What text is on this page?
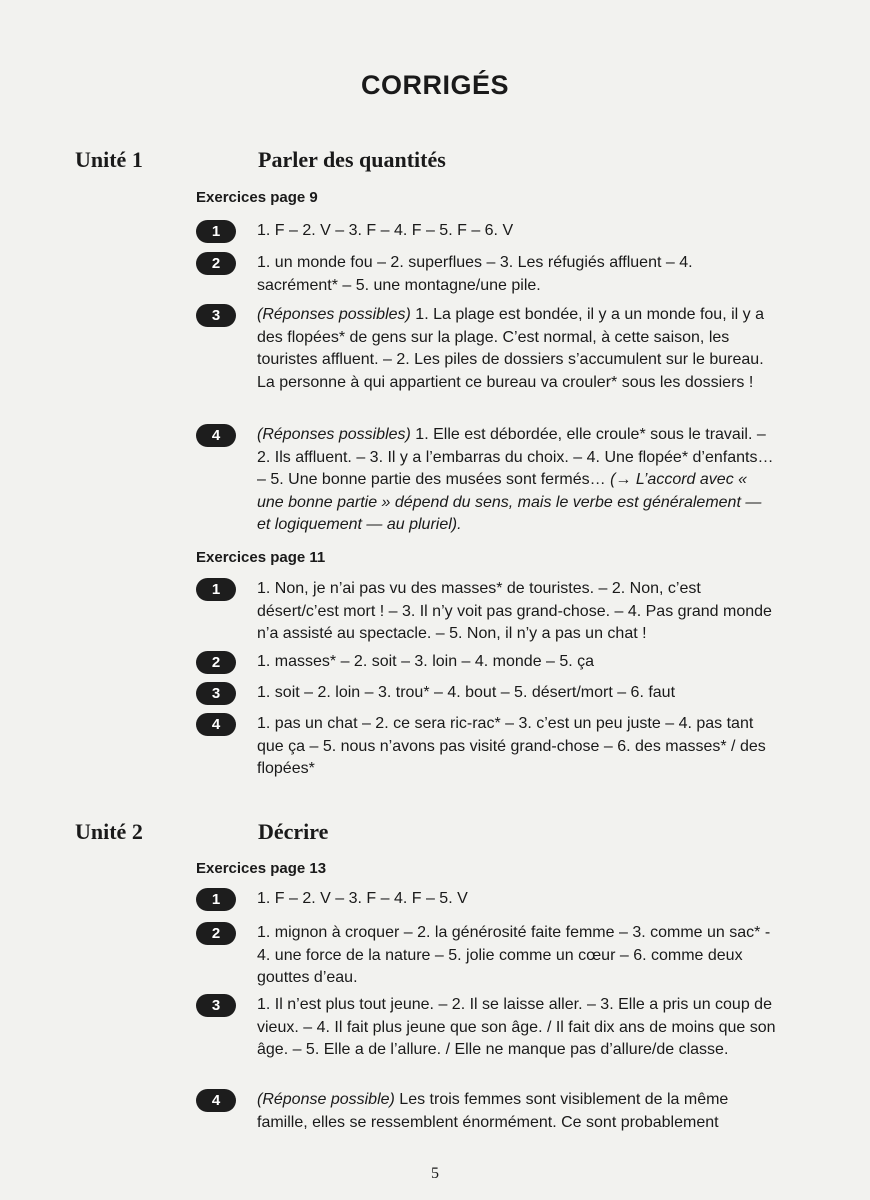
CORRIGÉS
Unité 1	Parler des quantités
Exercices page 9
1	1. F – 2. V – 3. F – 4. F – 5. F – 6. V
2	1. un monde fou – 2. superflues – 3. Les réfugiés affluent – 4. sacrément* – 5. une montagne/une pile.
3	(Réponses possibles) 1. La plage est bondée, il y a un monde fou, il y a des flopées* de gens sur la plage. C’est normal, à cette saison, les touristes affluent. – 2. Les piles de dossiers s’accumulent sur le bureau. La personne à qui appartient ce bureau va crouler* sous les dossiers !
4	(Réponses possibles) 1. Elle est débordée, elle croule* sous le travail. – 2. Ils affluent. – 3. Il y a l’embarras du choix. – 4. Une flopée* d’enfants… – 5. Une bonne partie des musées sont fermés… (→ L’accord avec « une bonne partie » dépend du sens, mais le verbe est généralement — et logiquement — au pluriel).
Exercices page 11
1	1. Non, je n’ai pas vu des masses* de touristes. – 2. Non, c’est désert/c’est mort ! – 3. Il n’y voit pas grand-chose. – 4. Pas grand monde n’a assisté au spectacle. – 5. Non, il n’y a pas un chat !
2	1. masses* – 2. soit – 3. loin – 4. monde – 5. ça
3	1. soit – 2. loin – 3. trou* – 4. bout – 5. désert/mort – 6. faut
4	1. pas un chat – 2. ce sera ric-rac* – 3. c’est un peu juste – 4. pas tant que ça – 5. nous n’avons pas visité grand-chose – 6. des masses* / des flopées*
Unité 2	Décrire
Exercices page 13
1	1. F – 2. V – 3. F – 4. F – 5. V
2	1. mignon à croquer – 2. la générosité faite femme – 3. comme un sac* - 4. une force de la nature – 5. jolie comme un cœur – 6. comme deux gouttes d’eau.
3	1. Il n’est plus tout jeune. – 2. Il se laisse aller. – 3. Elle a pris un coup de vieux. – 4. Il fait plus jeune que son âge. / Il fait dix ans de moins que son âge. – 5. Elle a de l’allure. / Elle ne manque pas d’allure/de classe.
4	(Réponse possible) Les trois femmes sont visiblement de la même famille, elles se ressemblent énormément. Ce sont probablement
5
